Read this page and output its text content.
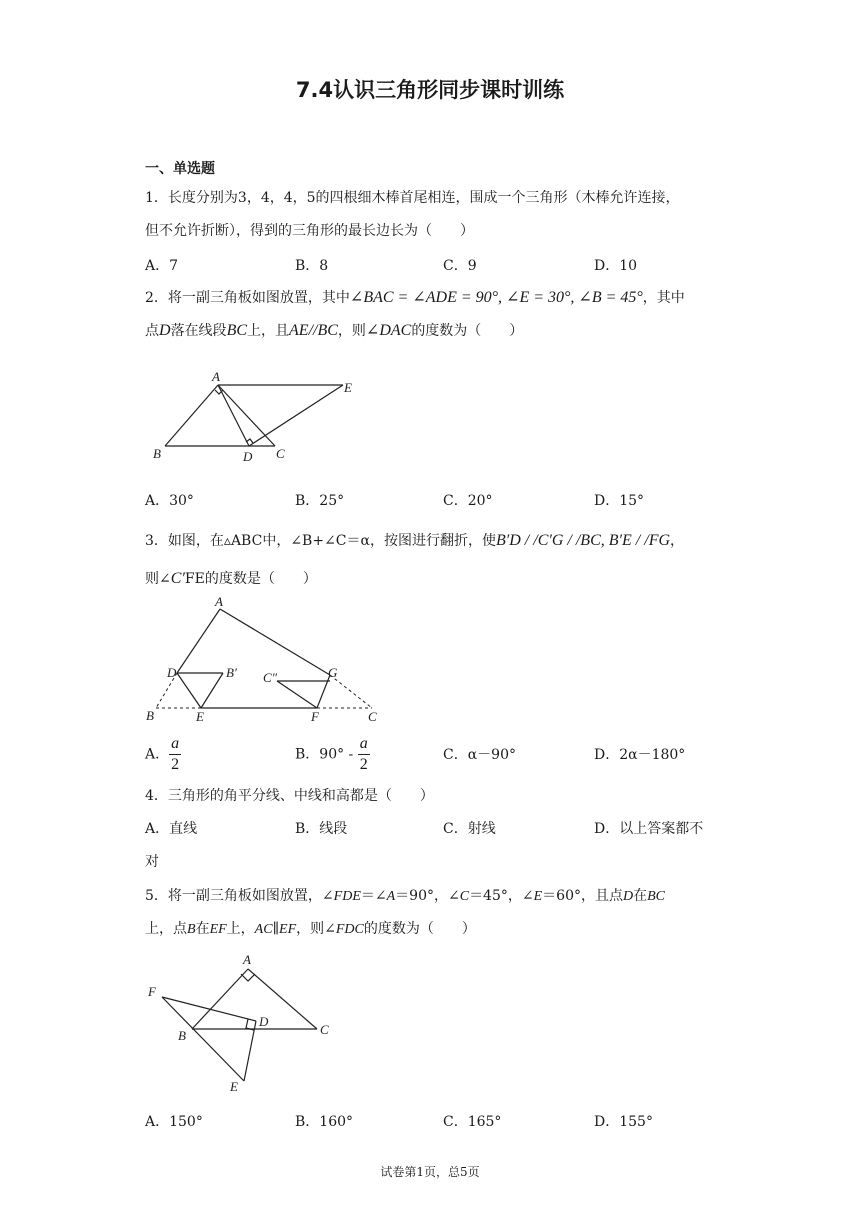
7.4认识三角形同步课时训练
一、单选题
1．长度分别为3，4，4，5的四根细木棒首尾相连，围成一个三角形（木棒允许连接，
但不允许折断），得到的三角形的最长边长为（　　）
A．7	B．8	C．9	D．10
2．将一副三角板如图放置，其中∠BAC = ∠ADE = 90°, ∠E = 30°, ∠B = 45°，其中
点D落在线段BC上，且AE//BC，则∠DAC的度数为（　　）
A
E
B	D C
A．30°	B．25°	C．20°	D．15°
3．如图，在▵ABC中，∠B+∠C＝α，按图进行翻折，使B′D / /C′G / /BC, B′E / /FG，
则∠C′FE的度数是（　　）
A
D	B′ C″	G
B	E	F	C
A． $\frac{a}{2}$	B．$90^\circ - \frac{a}{2}$	C．α－90°	D．2α－180°
4．三角形的角平分线、中线和高都是（　　）
A．直线	B．线段	C．射线	D．以上答案都不
对
5．将一副三角板如图放置，∠FDE＝∠A＝90°，∠C＝45°，∠E＝60°，且点D在BC
上，点B在EF上，AC∥EF，则∠FDC的度数为（　　）
A
F
B
D
C
E
A．150°	B．160°	C．165°	D．155°
试卷第1页，总5页
